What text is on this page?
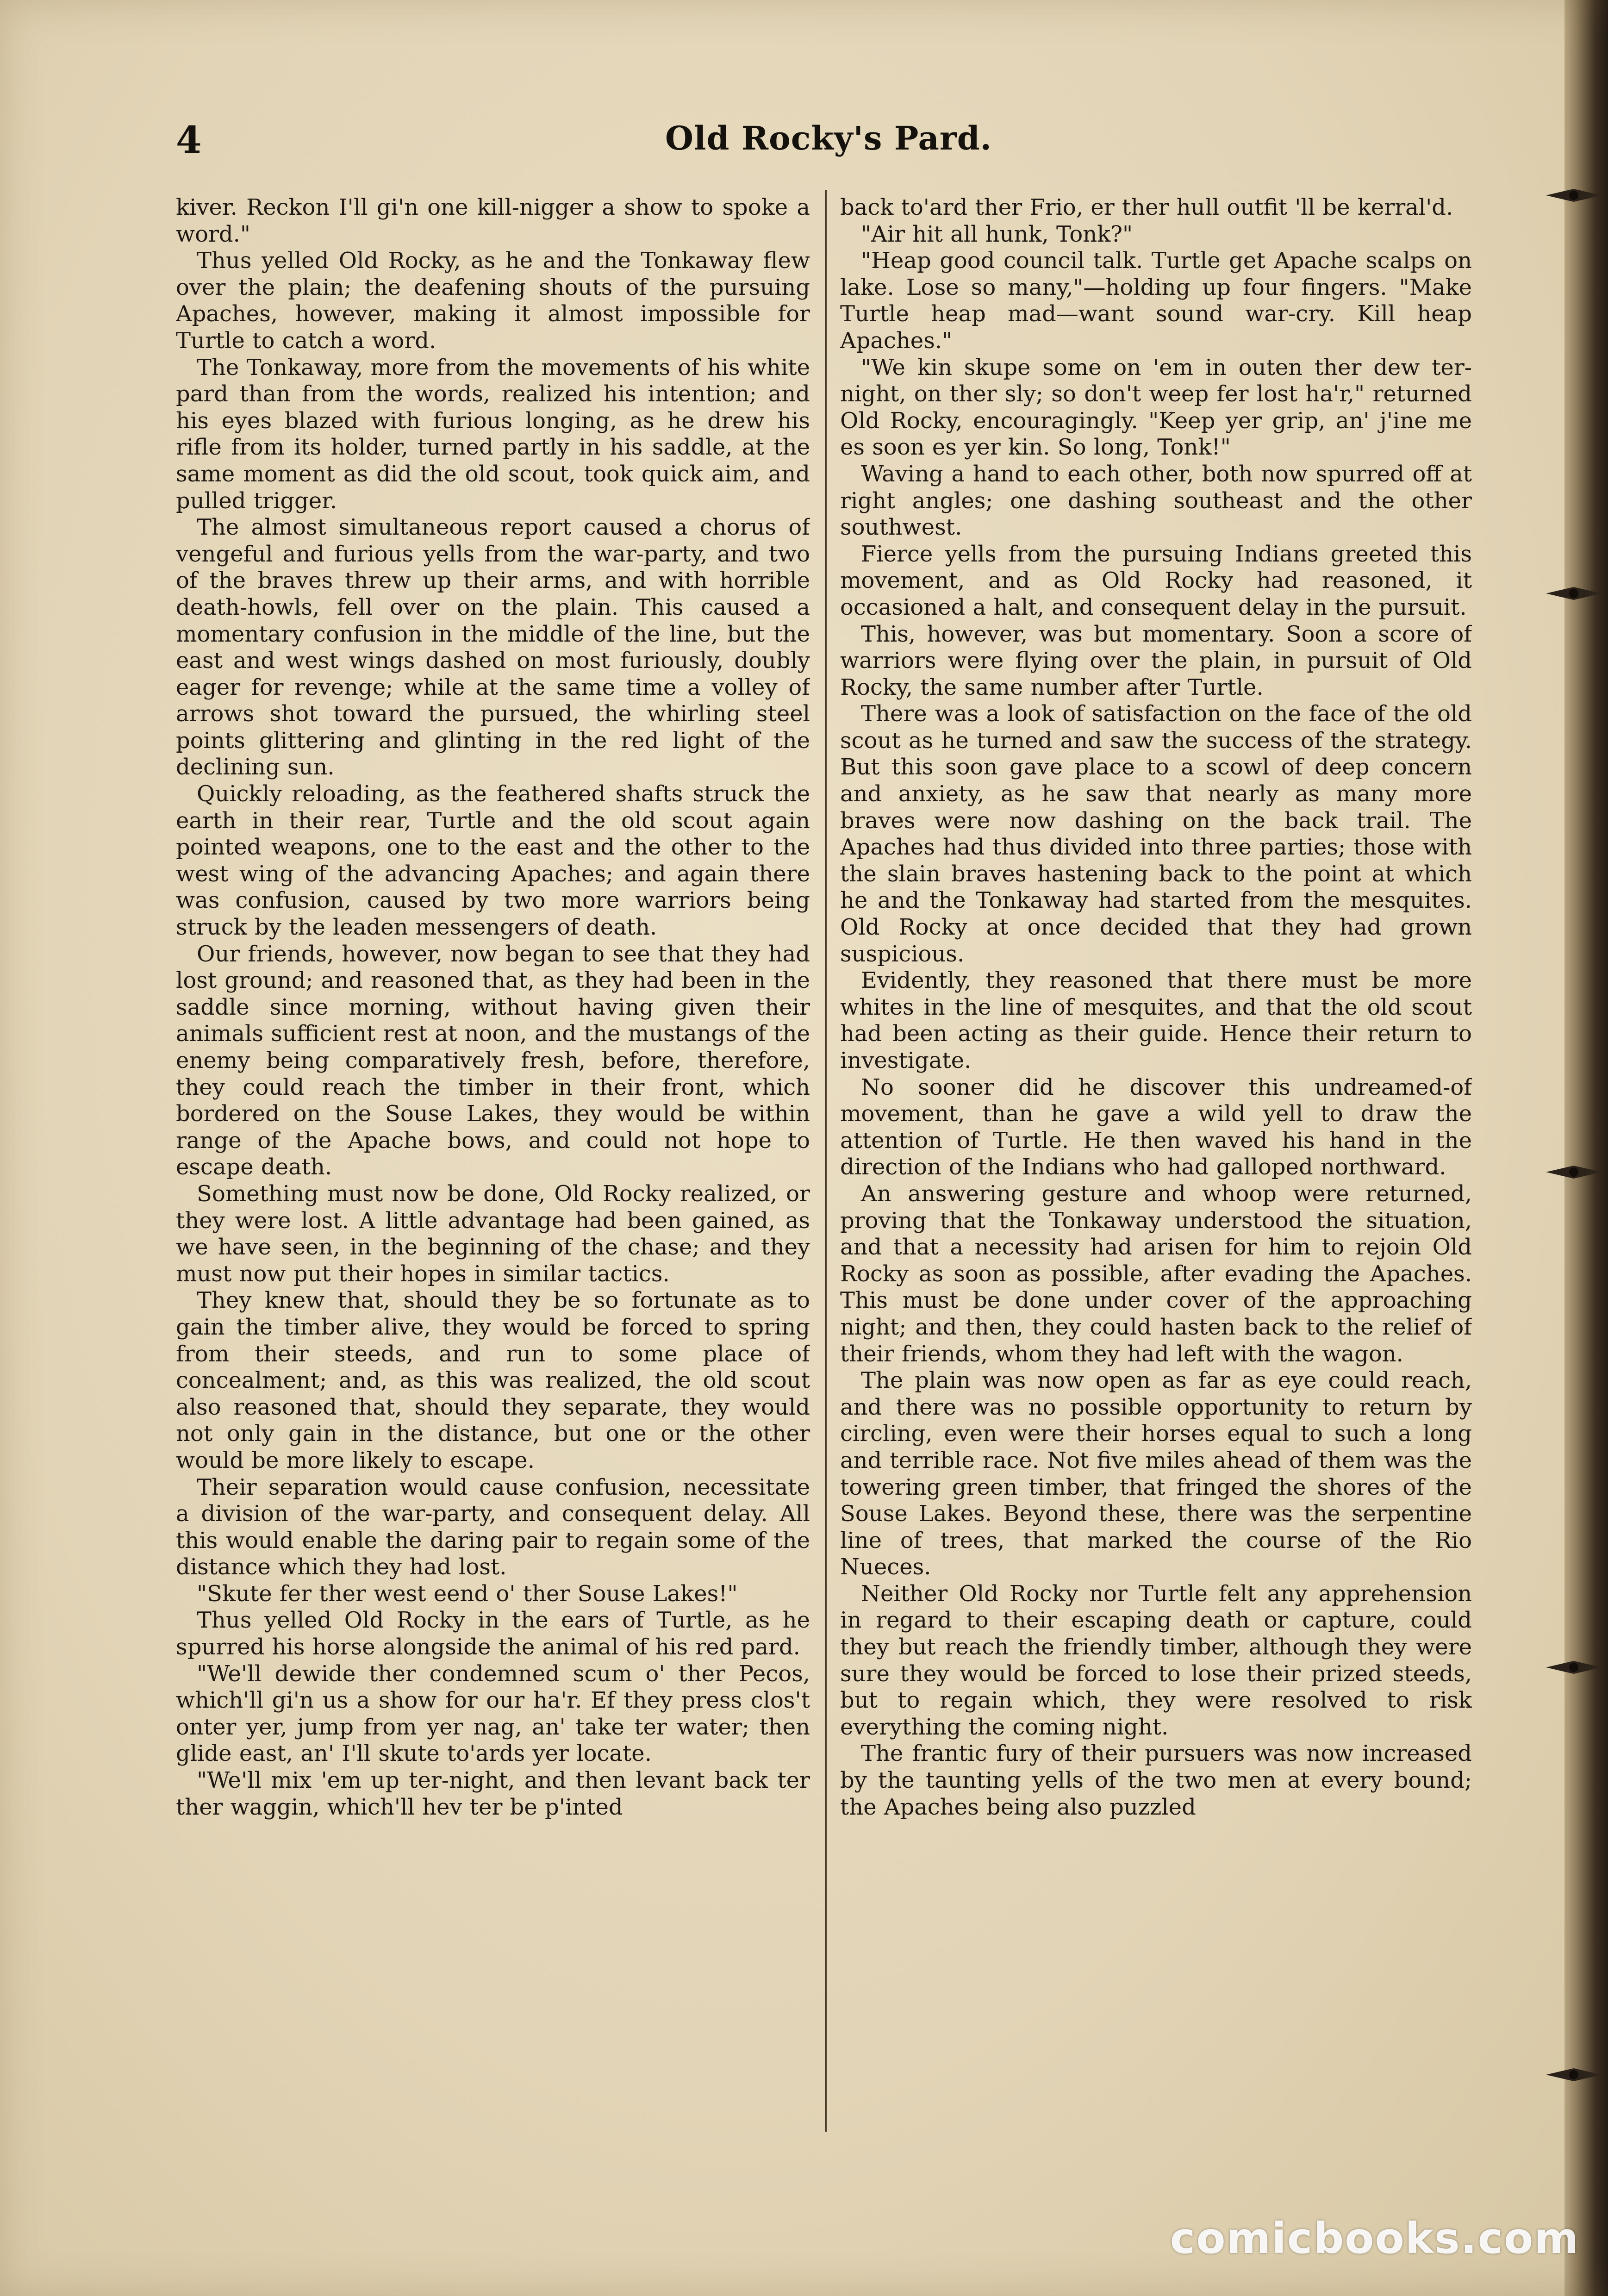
4	Old Rocky's Pard.

kiver. Reckon I'll gi'n one kill-nigger a show to spoke a word."

Thus yelled Old Rocky, as he and the Tonkaway flew over the plain; the deafening shouts of the pursuing Apaches, however, making it almost impossible for Turtle to catch a word.

The Tonkaway, more from the movements of his white pard than from the words, realized his intention; and his eyes blazed with furious longing, as he drew his rifle from its holder, turned partly in his saddle, at the same moment as did the old scout, took quick aim, and pulled trigger.

The almost simultaneous report caused a chorus of vengeful and furious yells from the war-party, and two of the braves threw up their arms, and with horrible death-howls, fell over on the plain. This caused a momentary confusion in the middle of the line, but the east and west wings dashed on most furiously, doubly eager for revenge; while at the same time a volley of arrows shot toward the pursued, the whirling steel points glittering and glinting in the red light of the declining sun.

Quickly reloading, as the feathered shafts struck the earth in their rear, Turtle and the old scout again pointed weapons, one to the east and the other to the west wing of the advancing Apaches; and again there was confusion, caused by two more warriors being struck by the leaden messengers of death.

Our friends, however, now began to see that they had lost ground; and reasoned that, as they had been in the saddle since morning, without having given their animals sufficient rest at noon, and the mustangs of the enemy being comparatively fresh, before, therefore, they could reach the timber in their front, which bordered on the Souse Lakes, they would be within range of the Apache bows, and could not hope to escape death.

Something must now be done, Old Rocky realized, or they were lost. A little advantage had been gained, as we have seen, in the beginning of the chase; and they must now put their hopes in similar tactics.

They knew that, should they be so fortunate as to gain the timber alive, they would be forced to spring from their steeds, and run to some place of concealment; and, as this was realized, the old scout also reasoned that, should they separate, they would not only gain in the distance, but one or the other would be more likely to escape.

Their separation would cause confusion, necessitate a division of the war-party, and consequent delay. All this would enable the daring pair to regain some of the distance which they had lost.

"Skute fer ther west eend o' ther Souse Lakes!"

Thus yelled Old Rocky in the ears of Turtle, as he spurred his horse alongside the animal of his red pard.

"We'll dewide ther condemned scum o' ther Pecos, which'll gi'n us a show for our ha'r. Ef they press clos't onter yer, jump from yer nag, an' take ter water; then glide east, an' I'll skute to'ards yer locate.

"We'll mix 'em up ter-night, and then levant back ter ther waggin, which'll hev ter be p'inted

back to'ard ther Frio, er ther hull outfit 'll be kerral'd.

"Air hit all hunk, Tonk?"

"Heap good council talk. Turtle get Apache scalps on lake. Lose so many,"—holding up four fingers. "Make Turtle heap mad—want sound war-cry. Kill heap Apaches."

"We kin skupe some on 'em in outen ther dew ter-night, on ther sly; so don't weep fer lost ha'r," returned Old Rocky, encouragingly. "Keep yer grip, an' j'ine me es soon es yer kin. So long, Tonk!"

Waving a hand to each other, both now spurred off at right angles; one dashing southeast and the other southwest.

Fierce yells from the pursuing Indians greeted this movement, and as Old Rocky had reasoned, it occasioned a halt, and consequent delay in the pursuit.

This, however, was but momentary. Soon a score of warriors were flying over the plain, in pursuit of Old Rocky, the same number after Turtle.

There was a look of satisfaction on the face of the old scout as he turned and saw the success of the strategy. But this soon gave place to a scowl of deep concern and anxiety, as he saw that nearly as many more braves were now dashing on the back trail. The Apaches had thus divided into three parties; those with the slain braves hastening back to the point at which he and the Tonkaway had started from the mesquites. Old Rocky at once decided that they had grown suspicious.

Evidently, they reasoned that there must be more whites in the line of mesquites, and that the old scout had been acting as their guide. Hence their return to investigate.

No sooner did he discover this undreamed-of movement, than he gave a wild yell to draw the attention of Turtle. He then waved his hand in the direction of the Indians who had galloped northward.

An answering gesture and whoop were returned, proving that the Tonkaway understood the situation, and that a necessity had arisen for him to rejoin Old Rocky as soon as possible, after evading the Apaches. This must be done under cover of the approaching night; and then, they could hasten back to the relief of their friends, whom they had left with the wagon.

The plain was now open as far as eye could reach, and there was no possible opportunity to return by circling, even were their horses equal to such a long and terrible race. Not five miles ahead of them was the towering green timber, that fringed the shores of the Souse Lakes. Beyond these, there was the serpentine line of trees, that marked the course of the Rio Nueces.

Neither Old Rocky nor Turtle felt any apprehension in regard to their escaping death or capture, could they but reach the friendly timber, although they were sure they would be forced to lose their prized steeds, but to regain which, they were resolved to risk everything the coming night.

The frantic fury of their pursuers was now increased by the taunting yells of the two men at every bound; the Apaches being also puzzled

comicbooks.com
